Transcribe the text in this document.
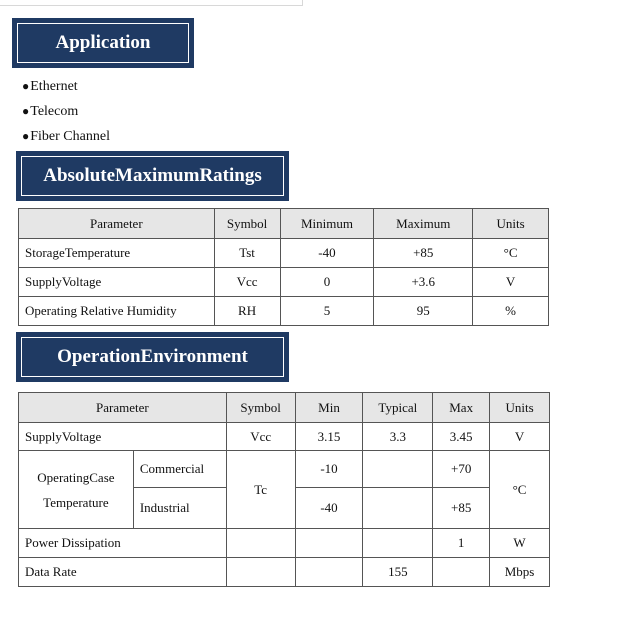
Application
● Ethernet
● Telecom
● Fiber Channel
AbsoluteMaximumRatings
Parameter	Symbol	Minimum	Maximum	Units
StorageTemperature	Tst	-40	+85	°C
SupplyVoltage	Vcc	0	+3.6	V
Operating Relative Humidity	RH	5	95	%
OperationEnvironment
Parameter		Symbol	Min	Typical	Max	Units
SupplyVoltage		Vcc	3.15	3.3	3.45	V
OperatingCase
Temperature	Commercial	Tc	-10		+70	°C
	Industrial		-40		+85	
Power Dissipation					1	W
Data Rate				155		Mbps
